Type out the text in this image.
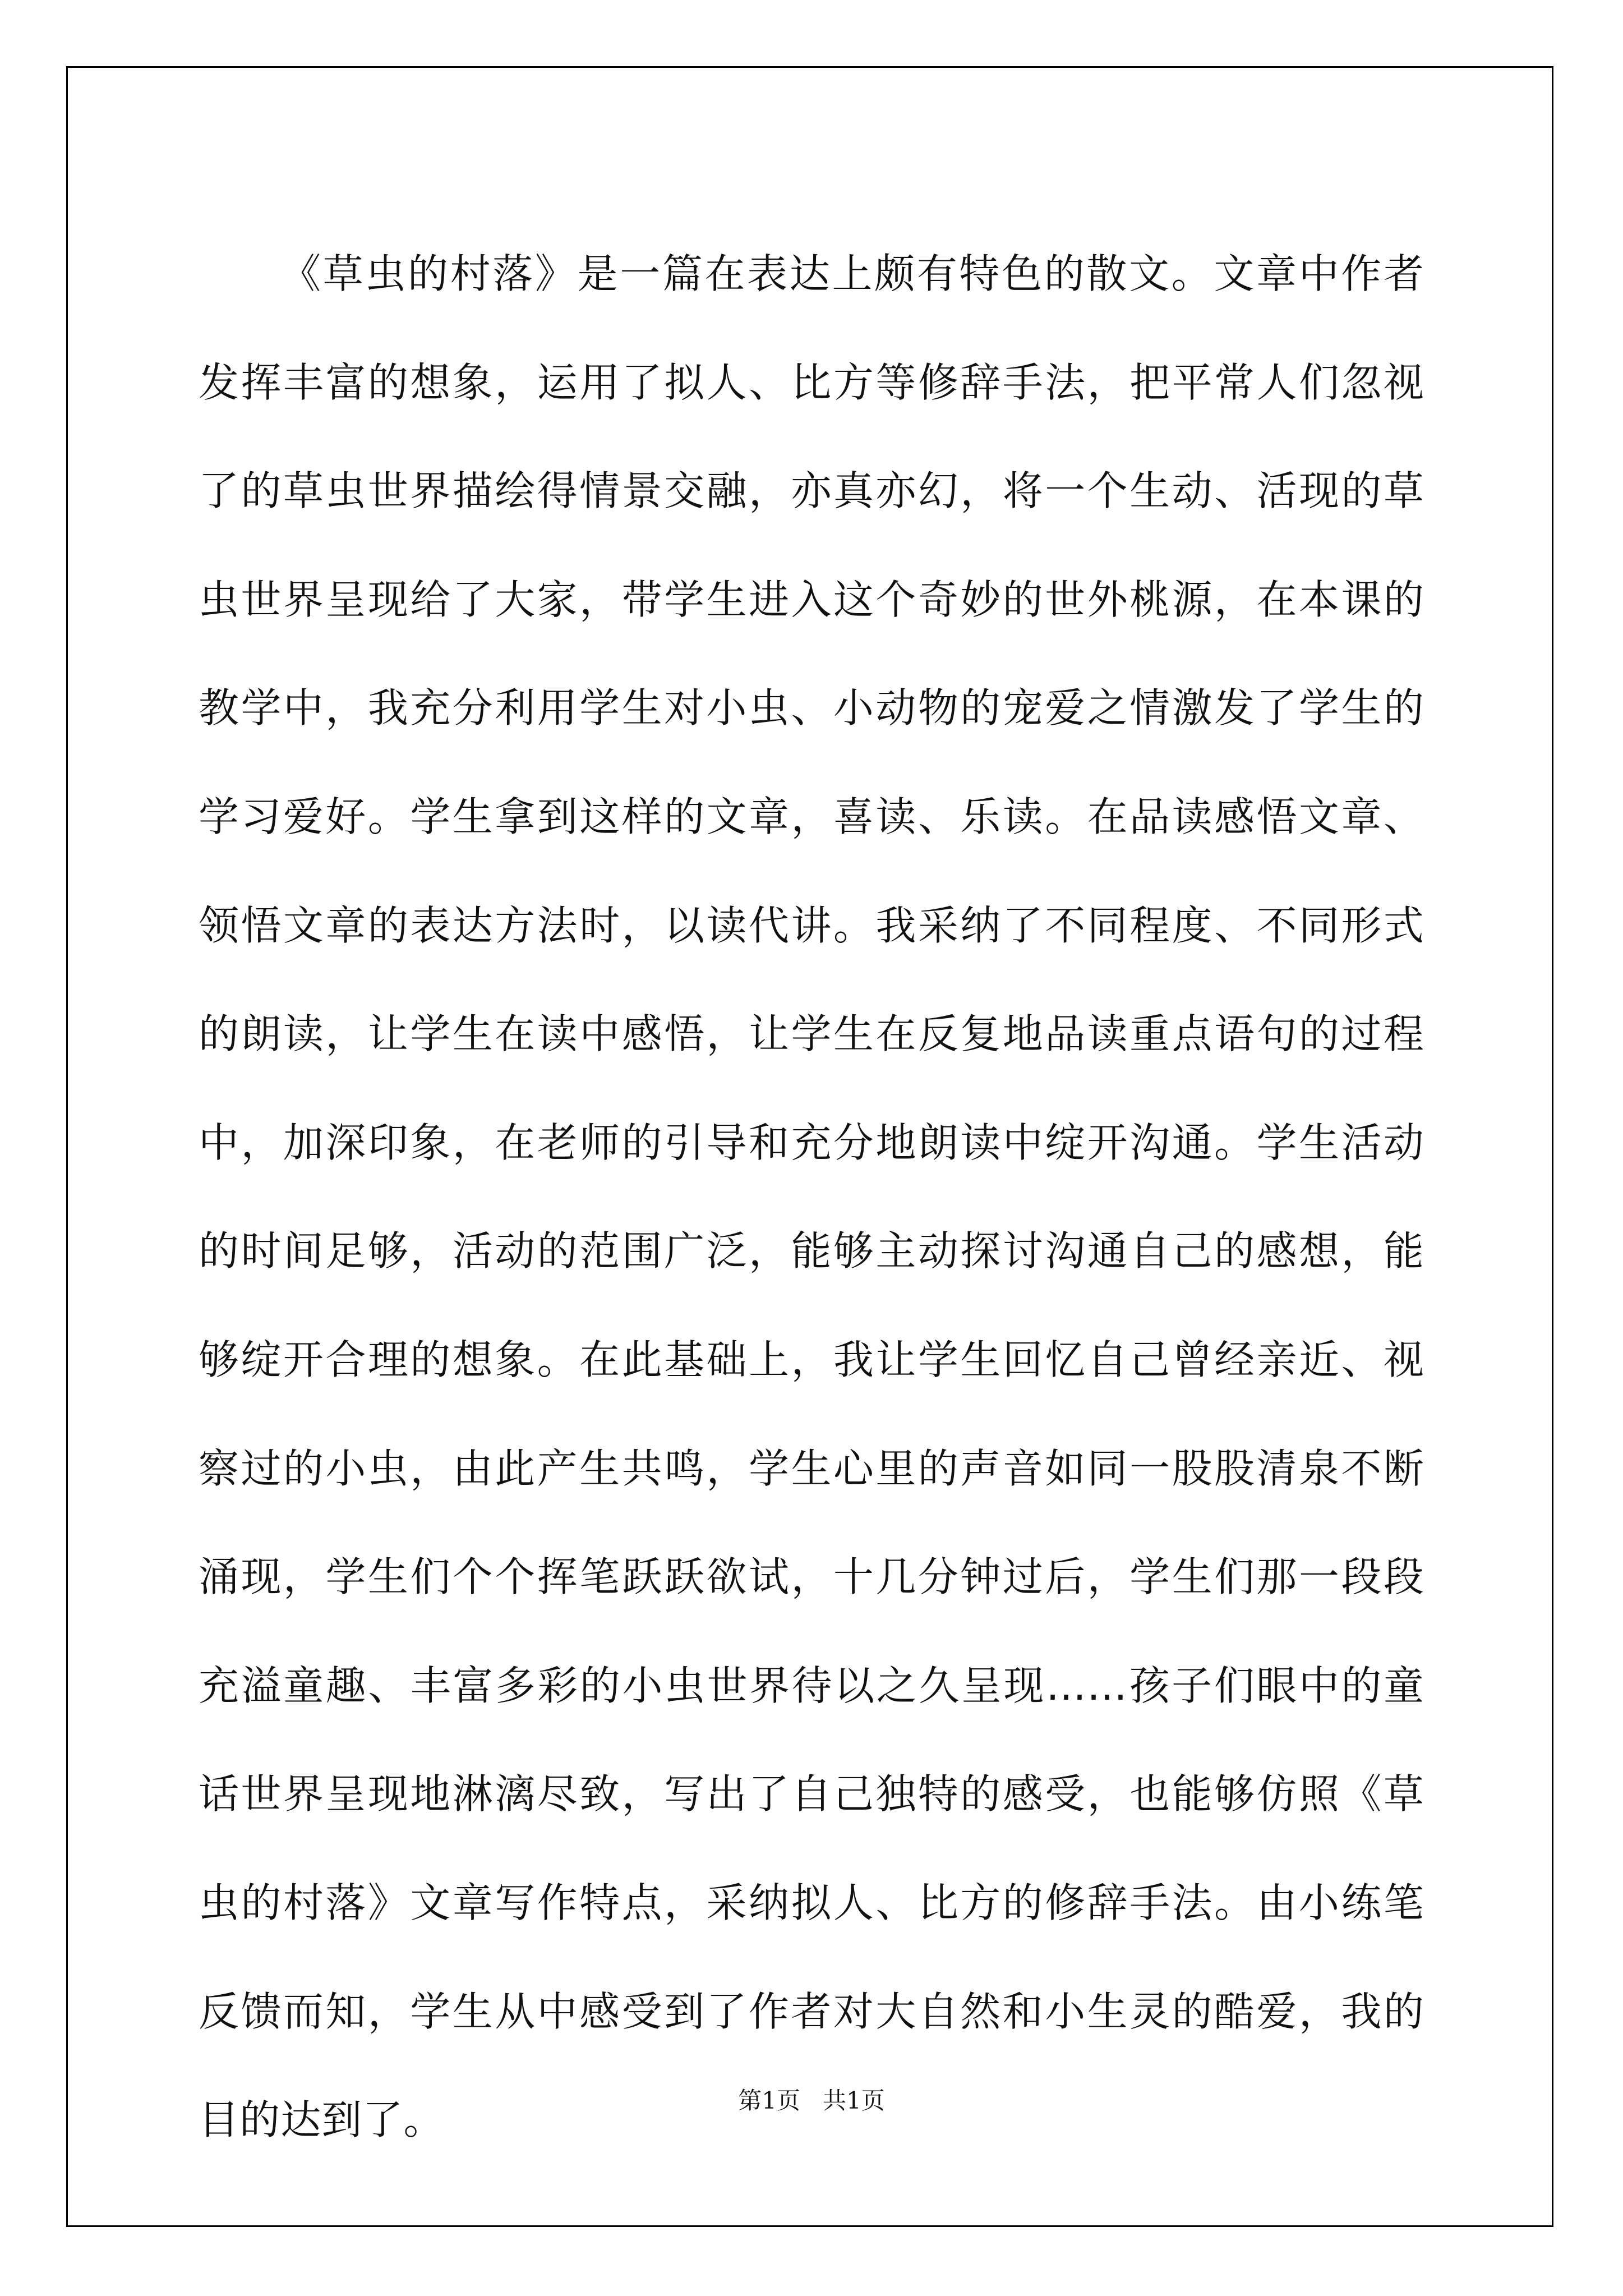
《草虫的村落》是一篇在表达上颇有特色的散文。文章中作者发挥丰富的想象，运用了拟人、比方等修辞手法，把平常人们忽视了的草虫世界描绘得情景交融，亦真亦幻，将一个生动、活现的草虫世界呈现给了大家，带学生进入这个奇妙的世外桃源，在本课的教学中，我充分利用学生对小虫、小动物的宠爱之情激发了学生的学习爱好。学生拿到这样的文章，喜读、乐读。在品读感悟文章、领悟文章的表达方法时，以读代讲。我采纳了不同程度、不同形式的朗读，让学生在读中感悟，让学生在反复地品读重点语句的过程中，加深印象，在老师的引导和充分地朗读中绽开沟通。学生活动的时间足够，活动的范围广泛，能够主动探讨沟通自己的感想，能够绽开合理的想象。在此基础上，我让学生回忆自己曾经亲近、视察过的小虫，由此产生共鸣，学生心里的声音如同一股股清泉不断涌现，学生们个个挥笔跃跃欲试，十几分钟过后，学生们那一段段充溢童趣、丰富多彩的小虫世界待以之久呈现……孩子们眼中的童话世界呈现地淋漓尽致，写出了自己独特的感受，也能够仿照《草虫的村落》文章写作特点，采纳拟人、比方的修辞手法。由小练笔反馈而知，学生从中感受到了作者对大自然和小生灵的酷爱，我的目的达到了。	第1页   共1页
